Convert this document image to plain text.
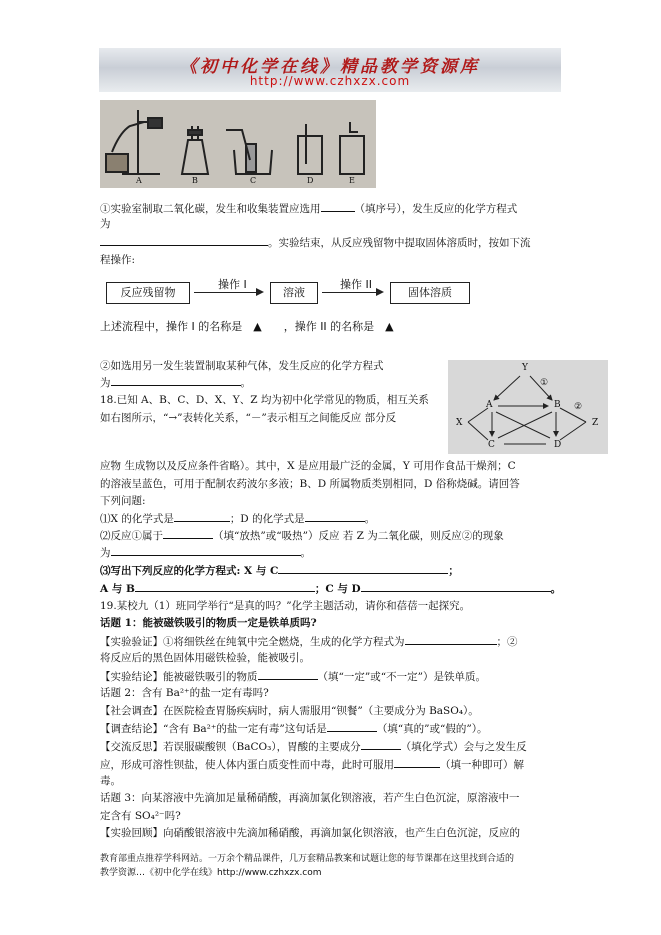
《初中化学在线》精品教学资源库
http://www.czhxzx.com
A	B	C	D	E
①实验室制取二氧化碳，发生和收集装置应选用	（填序号），发生反应的化学方程式
为
。实验结束，从反应残留物中提取固体溶质时，按如下流
程操作:
反应残留物
操作 I
溶液
操作 II
固体溶质
上述流程中，操作 I 的名称是　▲　　，操作 II 的名称是　▲
②如选用另一发生装置制取某种气体，发生反应的化学方程式
为	。
Y
A	B
X	Z
C	D
①
②
18.已知 A、B、C、D、X、Y、Z 均为初中化学常见的物质，相互关系
如右图所示，“→”表转化关系，“－”表示相互之间能反应 部分反
应物 生成物以及反应条件省略）。其中，X 是应用最广泛的金属，Y 可用作食品干燥剂；C
的溶液呈蓝色，可用于配制农药波尔多液；B、D 所属物质类别相同，D 俗称烧碱。请回答
下列问题:
⑴X 的化学式是	；D 的化学式是	。
⑵反应①属于	（填“放热”或“吸热”）反应 若 Z 为二氧化碳，则反应②的现象
为	。
⑶写出下列反应的化学方程式: X 与 C	；
A 与 B	；C 与 D	。
19.某校九（1）班同学举行“是真的吗？”化学主题活动，请你和蓓蓓一起探究。
话题 1：能被磁铁吸引的物质一定是铁单质吗?
【实验验证】①将细铁丝在纯氧中完全燃烧，生成的化学方程式为	；②
将反应后的黑色固体用磁铁检验，能被吸引。
【实验结论】能被磁铁吸引的物质	（填“一定”或“不一定”）是铁单质。
话题 2：含有 Ba²⁺的盐一定有毒吗?
【社会调查】在医院检查胃肠疾病时，病人需服用“钡餐”（主要成分为 BaSO₄）。
【调查结论】“含有 Ba²⁺的盐一定有毒”这句话是	（填“真的”或“假的”）。
【交流反思】若误服碳酸钡（BaCO₃），胃酸的主要成分	（填化学式）会与之发生反
应，形成可溶性钡盐，使人体内蛋白质变性而中毒，此时可服用	（填一种即可）解
毒。
话题 3：向某溶液中先滴加足量稀硝酸，再滴加氯化钡溶液，若产生白色沉淀，原溶液中一
定含有 SO₄²⁻吗?
【实验回顾】向硝酸银溶液中先滴加稀硝酸，再滴加氯化钡溶液，也产生白色沉淀，反应的
教育部重点推荐学科网站。一万余个精品课件，几万套精品教案和试题让您的每节课都在这里找到合适的
教学资源…《初中化学在线》http://www.czhxzx.com
